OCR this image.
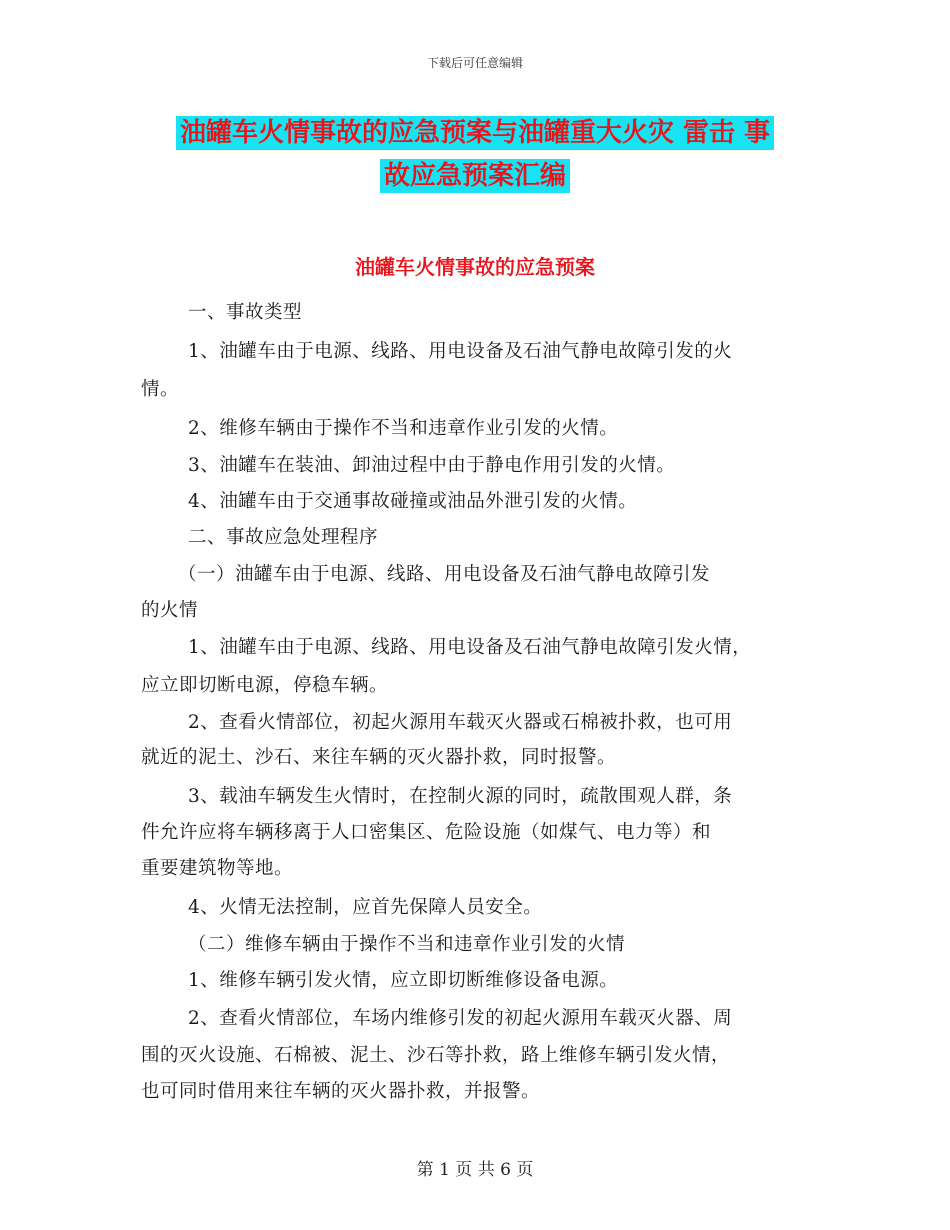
下载后可任意编辑
油罐车火情事故的应急预案与油罐重大火灾 雷击 事
故应急预案汇编
油罐车火情事故的应急预案
一、事故类型
1、油罐车由于电源、线路、用电设备及石油气静电故障引发的火
情。
2、维修车辆由于操作不当和违章作业引发的火情。
3、油罐车在装油、卸油过程中由于静电作用引发的火情。
4、油罐车由于交通事故碰撞或油品外泄引发的火情。
二、事故应急处理程序
（一）油罐车由于电源、线路、用电设备及石油气静电故障引发
的火情
1、油罐车由于电源、线路、用电设备及石油气静电故障引发火情，
应立即切断电源，停稳车辆。
2、查看火情部位，初起火源用车载灭火器或石棉被扑救，也可用
就近的泥土、沙石、来往车辆的灭火器扑救，同时报警。
3、载油车辆发生火情时，在控制火源的同时，疏散围观人群，条
件允许应将车辆移离于人口密集区、危险设施（如煤气、电力等）和
重要建筑物等地。
4、火情无法控制，应首先保障人员安全。
（二）维修车辆由于操作不当和违章作业引发的火情
1、维修车辆引发火情，应立即切断维修设备电源。
2、查看火情部位，车场内维修引发的初起火源用车载灭火器、周
围的灭火设施、石棉被、泥土、沙石等扑救，路上维修车辆引发火情，
也可同时借用来往车辆的灭火器扑救，并报警。
第 1 页 共 6 页
